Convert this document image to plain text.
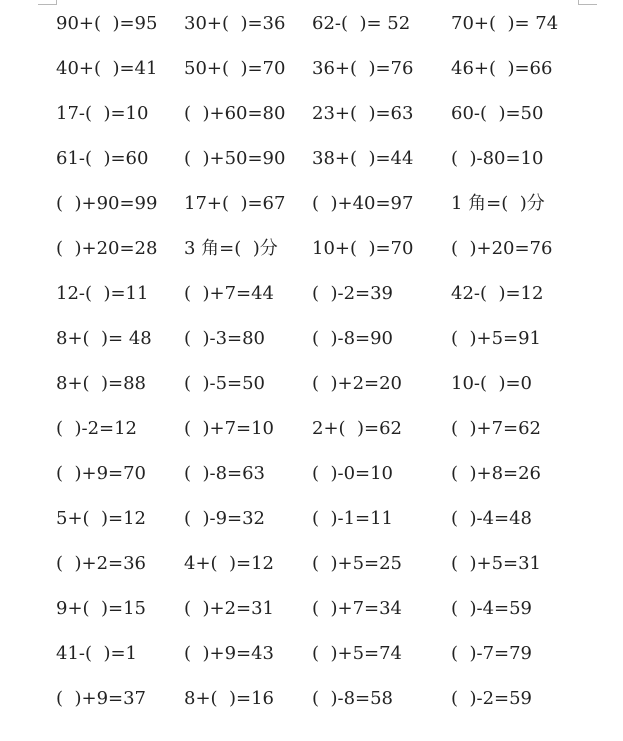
90+(  )=95 30+(  )=36 62-(  )= 52 70+(  )= 74
40+(  )=41 50+(  )=70 36+(  )=76 46+(  )=66
17-(  )=10 (  )+60=80 23+(  )=63 60-(  )=50
61-(  )=60 (  )+50=90 38+(  )=44 (  )-80=10
(  )+90=99 17+(  )=67 (  )+40=97 1 角=(  )分
(  )+20=28 3 角=(  )分 10+(  )=70 (  )+20=76
12-(  )=11 (  )+7=44 (  )-2=39	42-(  )=12
8+(  )= 48 (  )-3=80	(  )-8=90	(  )+5=91
8+(  )=88 (  )-5=50	(  )+2=20	10-(  )=0
(  )-2=12	(  )+7=10 2+(  )=62	(  )+7=62
(  )+9=70 (  )-8=63	(  )-0=10	(  )+8=26
5+(  )=12 (  )-9=32	(  )-1=11	(  )-4=48
(  )+2=36 4+(  )=12 (  )+5=25	(  )+5=31
9+(  )=15 (  )+2=31 (  )+7=34	(  )-4=59
41-(  )=1	(  )+9=43 (  )+5=74	(  )-7=79
(  )+9=37 8+(  )=16 (  )-8=58	(  )-2=59
